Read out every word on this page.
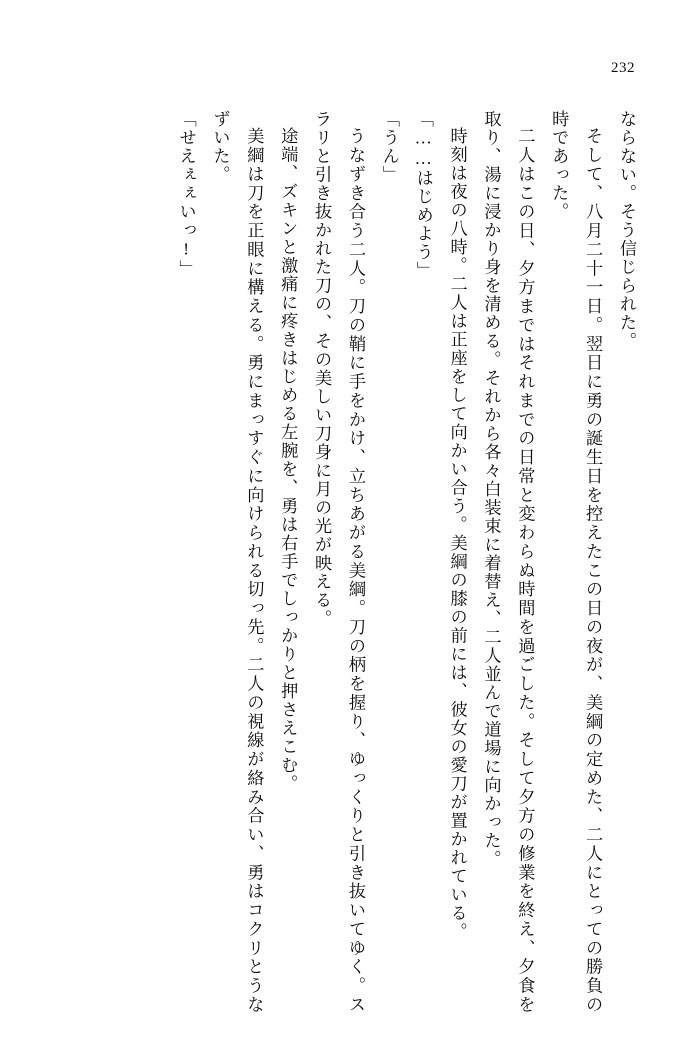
232

ならない。そう信じられた。

そして、八月二十一日。翌日に勇の誕生日を控えたこの日の夜が、美綱の定めた、二人にとっての勝負の時であった。

二人はこの日、夕方まではそれまでの日常と変わらぬ時間を過ごした。そして夕方の修業を終え、夕食を取り、湯に浸かり身を清める。それから各々白装束に着替え、二人並んで道場に向かった。

時刻は夜の八時。二人は正座をして向かい合う。美綱の膝の前には、彼女の愛刀が置かれている。

「……はじめよう」

「うん」

うなずき合う二人。刀の鞘に手をかけ、立ちあがる美綱。刀の柄を握り、ゆっくりと引き抜いてゆく。スラリと引き抜かれた刀の、その美しい刀身に月の光が映える。

途端、ズキンと激痛に疼きはじめる左腕を、勇は右手でしっかりと押さえこむ。

美綱は刀を正眼に構える。勇にまっすぐに向けられる切っ先。二人の視線が絡み合い、勇はコクリとうなずいた。

「せえぇぇいっ!」
